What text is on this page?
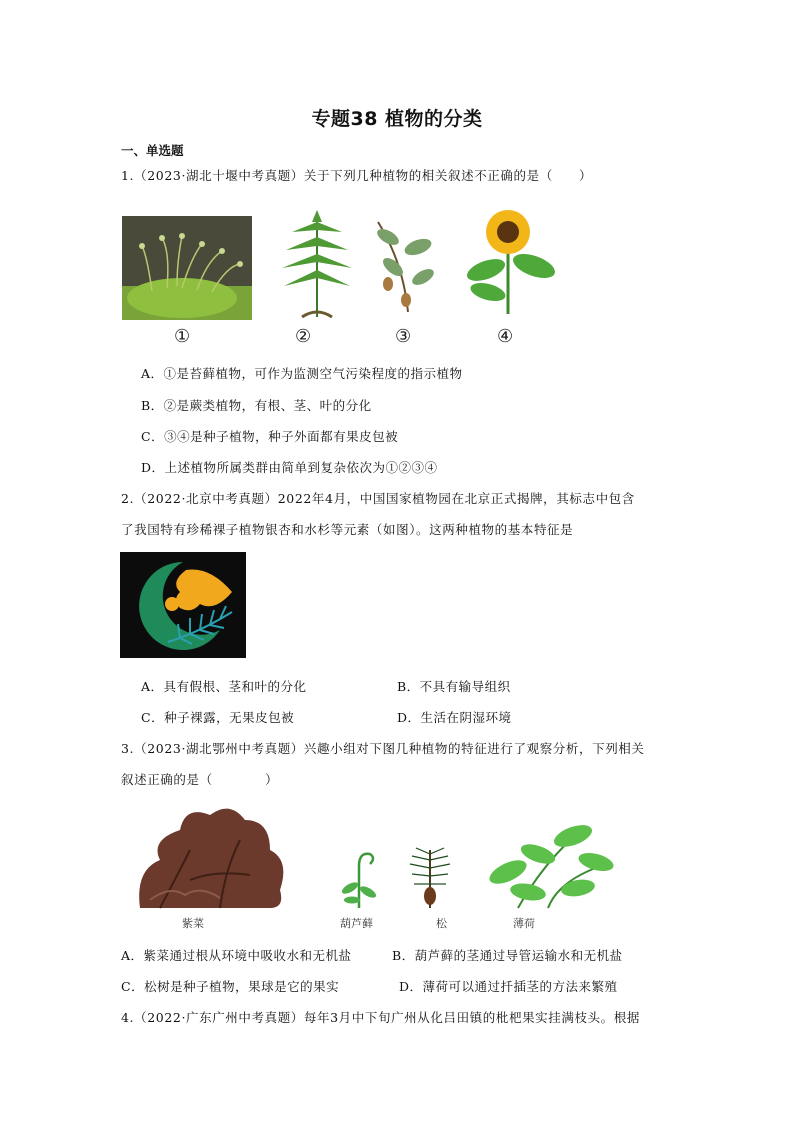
专题38 植物的分类
一、单选题
1.（2023·湖北十堰中考真题）关于下列几种植物的相关叙述不正确的是（　　）
①	②	③	④
A．①是苔藓植物，可作为监测空气污染程度的指示植物
B．②是蕨类植物，有根、茎、叶的分化
C．③④是种子植物，种子外面都有果皮包被
D．上述植物所属类群由简单到复杂依次为①②③④
2.（2022·北京中考真题）2022年4月，中国国家植物园在北京正式揭牌，其标志中包含
了我国特有珍稀裸子植物银杏和水杉等元素（如图）。这两种植物的基本特征是
A．具有假根、茎和叶的分化	B．不具有输导组织
C．种子裸露，无果皮包被	D．生活在阴湿环境
3.（2023·湖北鄂州中考真题）兴趣小组对下图几种植物的特征进行了观察分析，下列相关
叙述正确的是（　　　　）
紫菜	葫芦藓	松	薄荷
A．紫菜通过根从环境中吸收水和无机盐	B．葫芦藓的茎通过导管运输水和无机盐
C．松树是种子植物，果球是它的果实	D．薄荷可以通过扦插茎的方法来繁殖
4.（2022·广东广州中考真题）每年3月中下旬广州从化吕田镇的枇杷果实挂满枝头。根据
